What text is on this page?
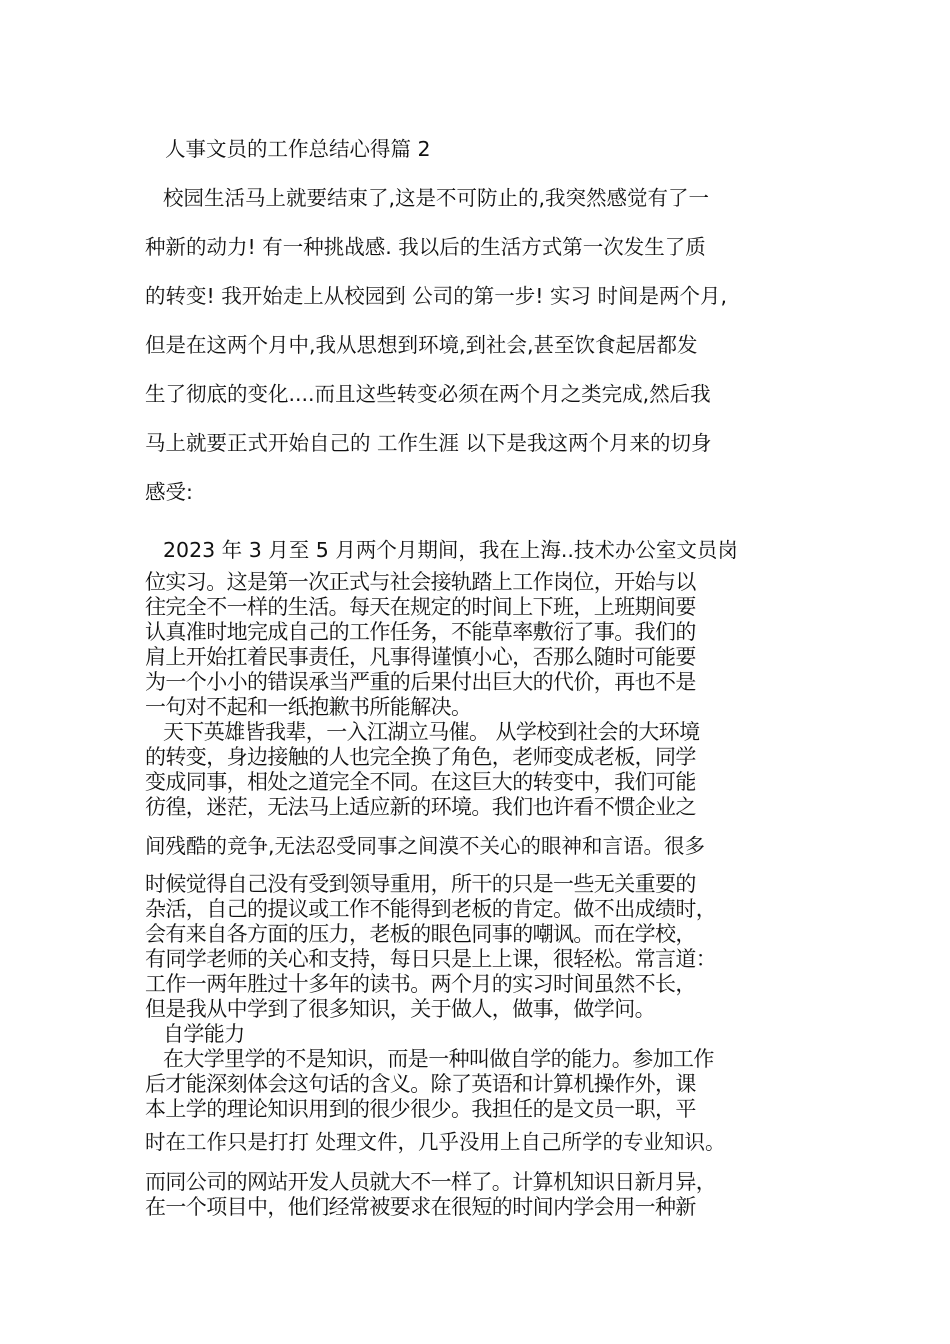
人事文员的工作总结心得篇 2
校园生活马上就要结束了,这是不可防止的,我突然感觉有了一
种新的动力! 有一种挑战感. 我以后的生活方式第一次发生了质
的转变! 我开始走上从校园到 公司的第一步! 实习 时间是两个月,
但是在这两个月中,我从思想到环境,到社会,甚至饮食起居都发
生了彻底的变化....而且这些转变必须在两个月之类完成,然后我
马上就要正式开始自己的 工作生涯 以下是我这两个月来的切身
感受:
2023 年 3 月至 5 月两个月期间，我在上海..技术办公室文员岗
位实习。这是第一次正式与社会接轨踏上工作岗位，开始与以
往完全不一样的生活。每天在规定的时间上下班，上班期间要
认真准时地完成自己的工作任务，不能草率敷衍了事。我们的
肩上开始扛着民事责任，凡事得谨慎小心，否那么随时可能要
为一个小小的错误承当严重的后果付出巨大的代价，再也不是
一句对不起和一纸抱歉书所能解决。
天下英雄皆我辈，一入江湖立马催。 从学校到社会的大环境
的转变，身边接触的人也完全换了角色，老师变成老板，同学
变成同事，相处之道完全不同。在这巨大的转变中，我们可能
彷徨，迷茫，无法马上适应新的环境。我们也许看不惯企业之
间残酷的竞争,无法忍受同事之间漠不关心的眼神和言语。很多
时候觉得自己没有受到领导重用，所干的只是一些无关重要的
杂活，自己的提议或工作不能得到老板的肯定。做不出成绩时，
会有来自各方面的压力，老板的眼色同事的嘲讽。而在学校，
有同学老师的关心和支持，每日只是上上课，很轻松。常言道：
工作一两年胜过十多年的读书。两个月的实习时间虽然不长，
但是我从中学到了很多知识，关于做人，做事，做学问。
自学能力
在大学里学的不是知识，而是一种叫做自学的能力。参加工作
后才能深刻体会这句话的含义。除了英语和计算机操作外，课
本上学的理论知识用到的很少很少。我担任的是文员一职，平
时在工作只是打打 处理文件，几乎没用上自己所学的专业知识。
而同公司的网站开发人员就大不一样了。计算机知识日新月异，
在一个项目中，他们经常被要求在很短的时间内学会用一种新
